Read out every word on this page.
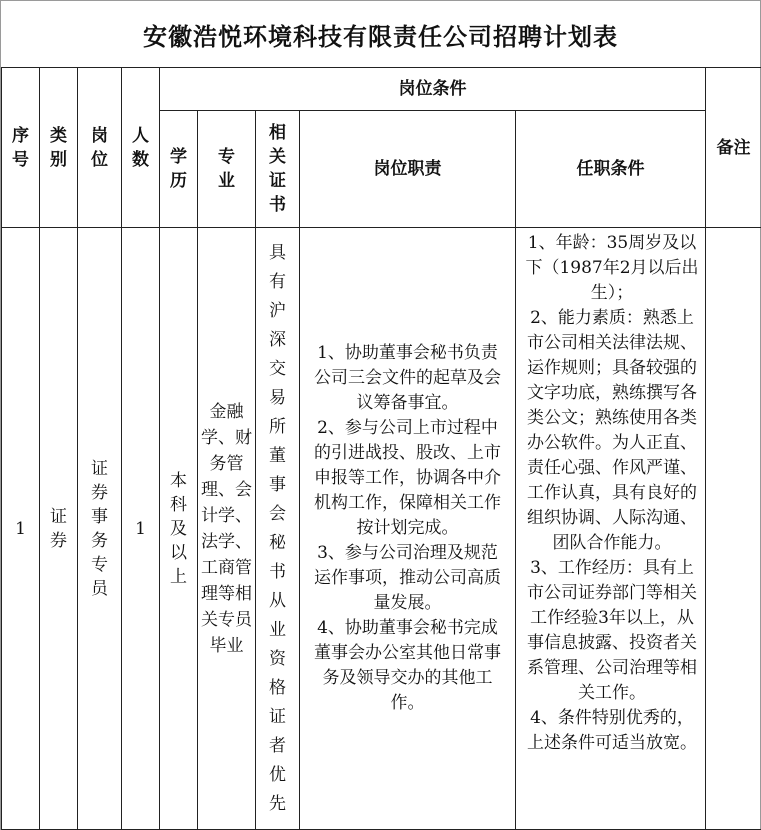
安徽浩悦环境科技有限责任公司招聘计划表
序号	类别	岗位	人数	岗位条件					备注

				学历	专业	相关证书	岗位职责	任职条件	
1	证券	证券事务专员	1	本科及以上	金融学、财务管理、会计学、法学、工商管理等相关专员毕业	具有沪深交易所董事会秘书从业资格证者优先	1、协助董事会秘书负责公司三会文件的起草及会议筹备事宜。
2、参与公司上市过程中的引进战投、股改、上市申报等工作，协调各中介机构工作，保障相关工作按计划完成。
3、参与公司治理及规范运作事项，推动公司高质量发展。
4、协助董事会秘书完成董事会办公室其他日常事务及领导交办的其他工作。	1、年龄：35周岁及以下（1987年2月以后出生）；
2、能力素质：熟悉上市公司相关法律法规、运作规则；具备较强的文字功底，熟练撰写各类公文；熟练使用各类办公软件。为人正直、责任心强、作风严谨、工作认真，具有良好的组织协调、人际沟通、团队合作能力。
3、工作经历：具有上市公司证券部门等相关工作经验3年以上，从事信息披露、投资者关系管理、公司治理等相关工作。
4、条件特别优秀的，上述条件可适当放宽。	
